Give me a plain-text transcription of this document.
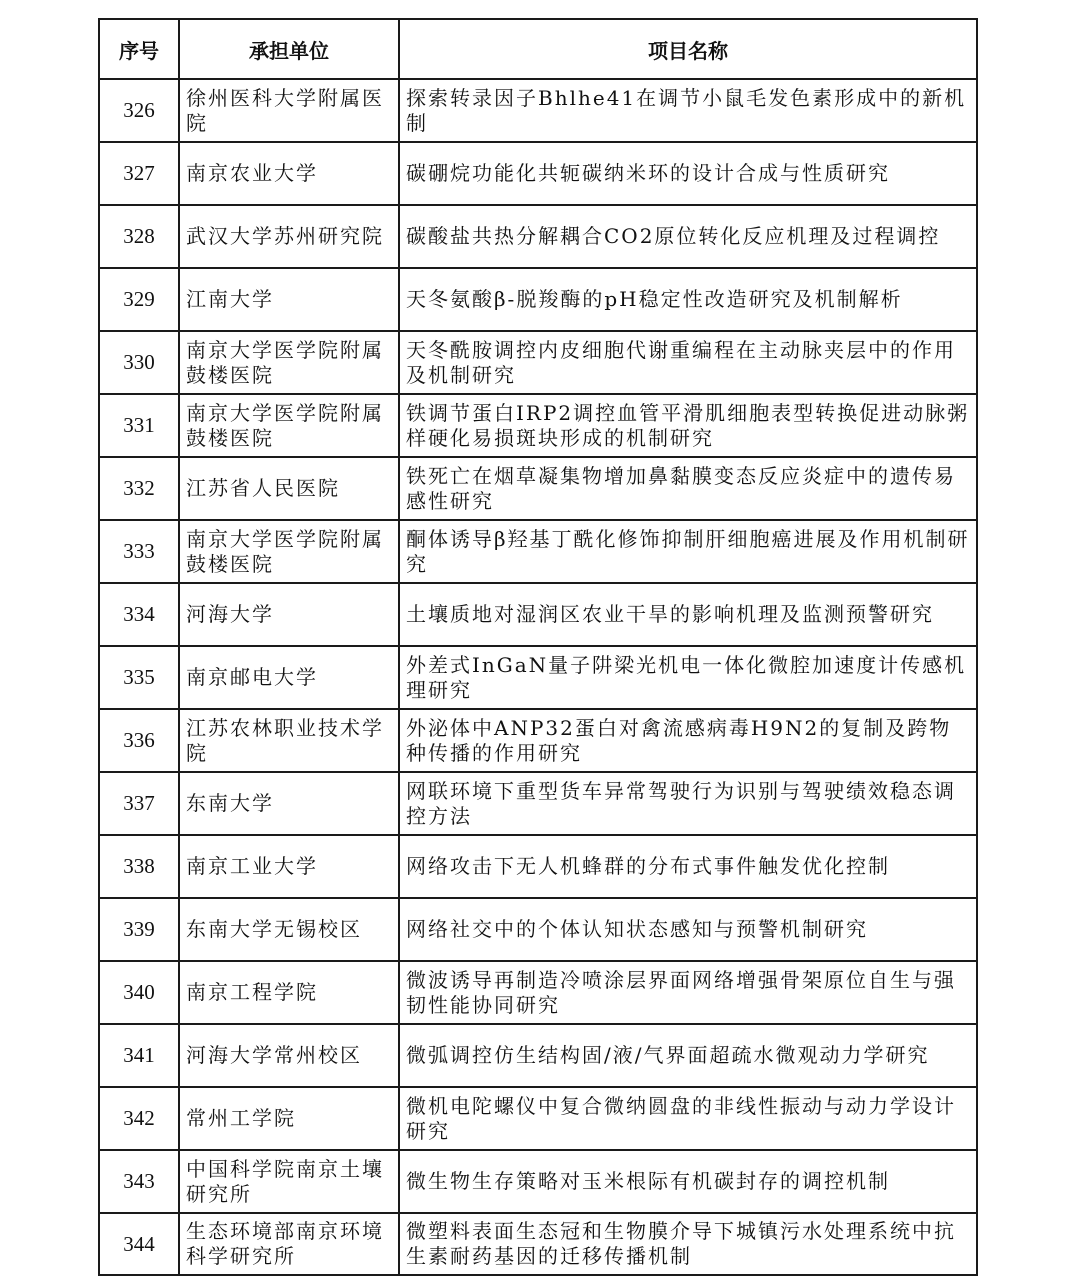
序号	承担单位	项目名称
326	徐州医科大学附属医院	探索转录因子Bhlhe41在调节小鼠毛发色素形成中的新机制
327	南京农业大学	碳硼烷功能化共轭碳纳米环的设计合成与性质研究
328	武汉大学苏州研究院	碳酸盐共热分解耦合CO2原位转化反应机理及过程调控
329	江南大学	天冬氨酸β-脱羧酶的pH稳定性改造研究及机制解析
330	南京大学医学院附属鼓楼医院	天冬酰胺调控内皮细胞代谢重编程在主动脉夹层中的作用及机制研究
331	南京大学医学院附属鼓楼医院	铁调节蛋白IRP2调控血管平滑肌细胞表型转换促进动脉粥样硬化易损斑块形成的机制研究
332	江苏省人民医院	铁死亡在烟草凝集物增加鼻黏膜变态反应炎症中的遗传易感性研究
333	南京大学医学院附属鼓楼医院	酮体诱导β羟基丁酰化修饰抑制肝细胞癌进展及作用机制研究
334	河海大学	土壤质地对湿润区农业干旱的影响机理及监测预警研究
335	南京邮电大学	外差式InGaN量子阱梁光机电一体化微腔加速度计传感机理研究
336	江苏农林职业技术学院	外泌体中ANP32蛋白对禽流感病毒H9N2的复制及跨物种传播的作用研究
337	东南大学	网联环境下重型货车异常驾驶行为识别与驾驶绩效稳态调控方法
338	南京工业大学	网络攻击下无人机蜂群的分布式事件触发优化控制
339	东南大学无锡校区	网络社交中的个体认知状态感知与预警机制研究
340	南京工程学院	微波诱导再制造冷喷涂层界面网络增强骨架原位自生与强韧性能协同研究
341	河海大学常州校区	微弧调控仿生结构固/液/气界面超疏水微观动力学研究
342	常州工学院	微机电陀螺仪中复合微纳圆盘的非线性振动与动力学设计研究
343	中国科学院南京土壤研究所	微生物生存策略对玉米根际有机碳封存的调控机制
344	生态环境部南京环境科学研究所	微塑料表面生态冠和生物膜介导下城镇污水处理系统中抗生素耐药基因的迁移传播机制
